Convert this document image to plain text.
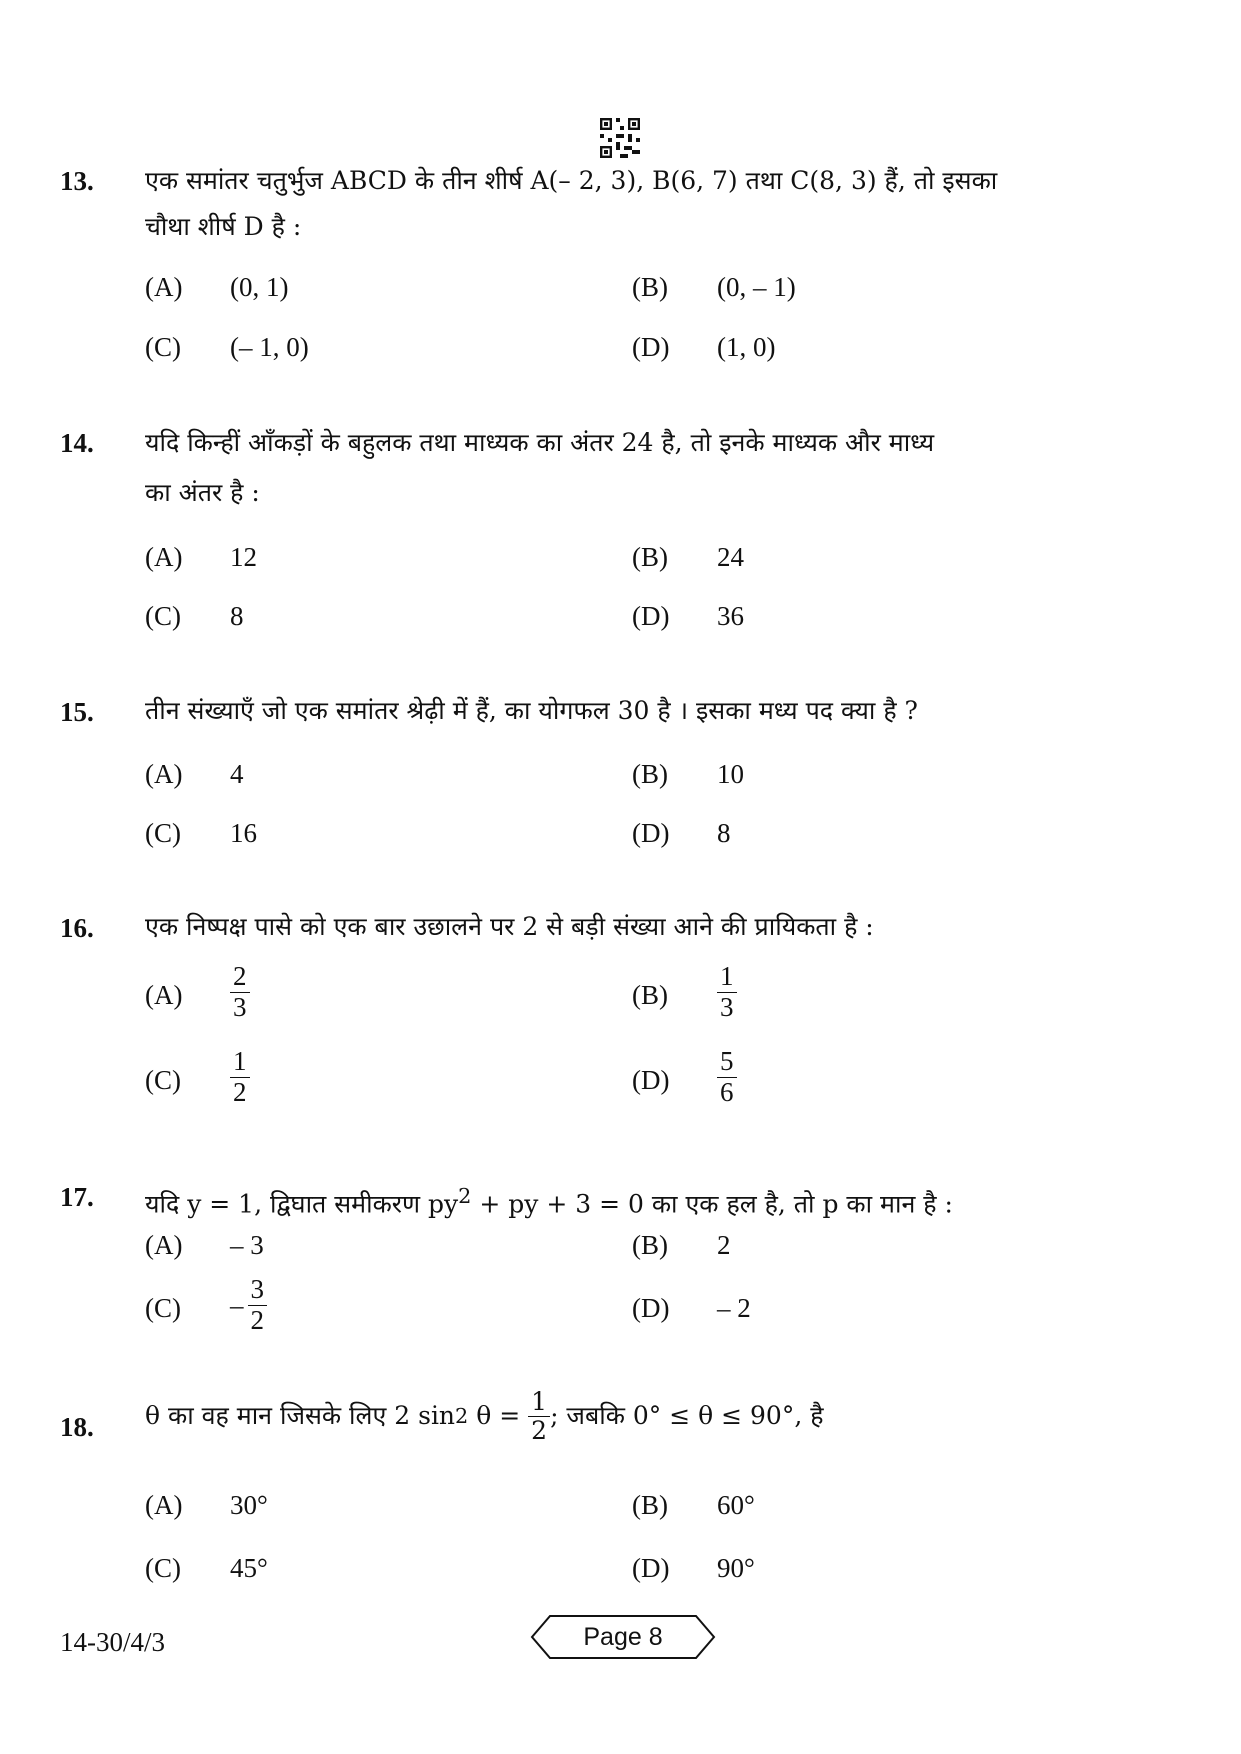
13. एक समांतर चतुर्भुज ABCD के तीन शीर्ष A(– 2, 3), B(6, 7) तथा C(8, 3) हैं, तो इसका
चौथा शीर्ष D है :
(A)	(0, 1)	(B)	(0, – 1)
(C)	(– 1, 0)	(D)	(1, 0)
14. यदि किन्हीं आँकड़ों के बहुलक तथा माध्यक का अंतर 24 है, तो इनके माध्यक और माध्य
का अंतर है :
(A)	12	(B)	24
(C)	8	(D)	36
15. तीन संख्याएँ जो एक समांतर श्रेढ़ी में हैं, का योगफल 30 है । इसका मध्य पद क्या है ?
(A)	4	(B)	10
(C)	16	(D)	8
16. एक निष्पक्ष पासे को एक बार उछालने पर 2 से बड़ी संख्या आने की प्रायिकता है :
(A)	$\frac{2}{3}$	(B)	$\frac{1}{3}$
(C)	$\frac{1}{2}$	(D)	$\frac{5}{6}$
17. यदि y = 1, द्विघात समीकरण $py^2$ + py + 3 = 0 का एक हल है, तो p का मान है :
(A)	– 3	(B)	2
(C)	– $\frac{3}{2}$	(D)	– 2
18. θ का वह मान जिसके लिए 2 sin 2 $\theta = \frac{1}{2}$ ; जबकि 0° ≤ θ ≤ 90°, है
(A)	30°	(B)	60°
(C)	45°	(D)	90°
14-30/4/3	Page 8
